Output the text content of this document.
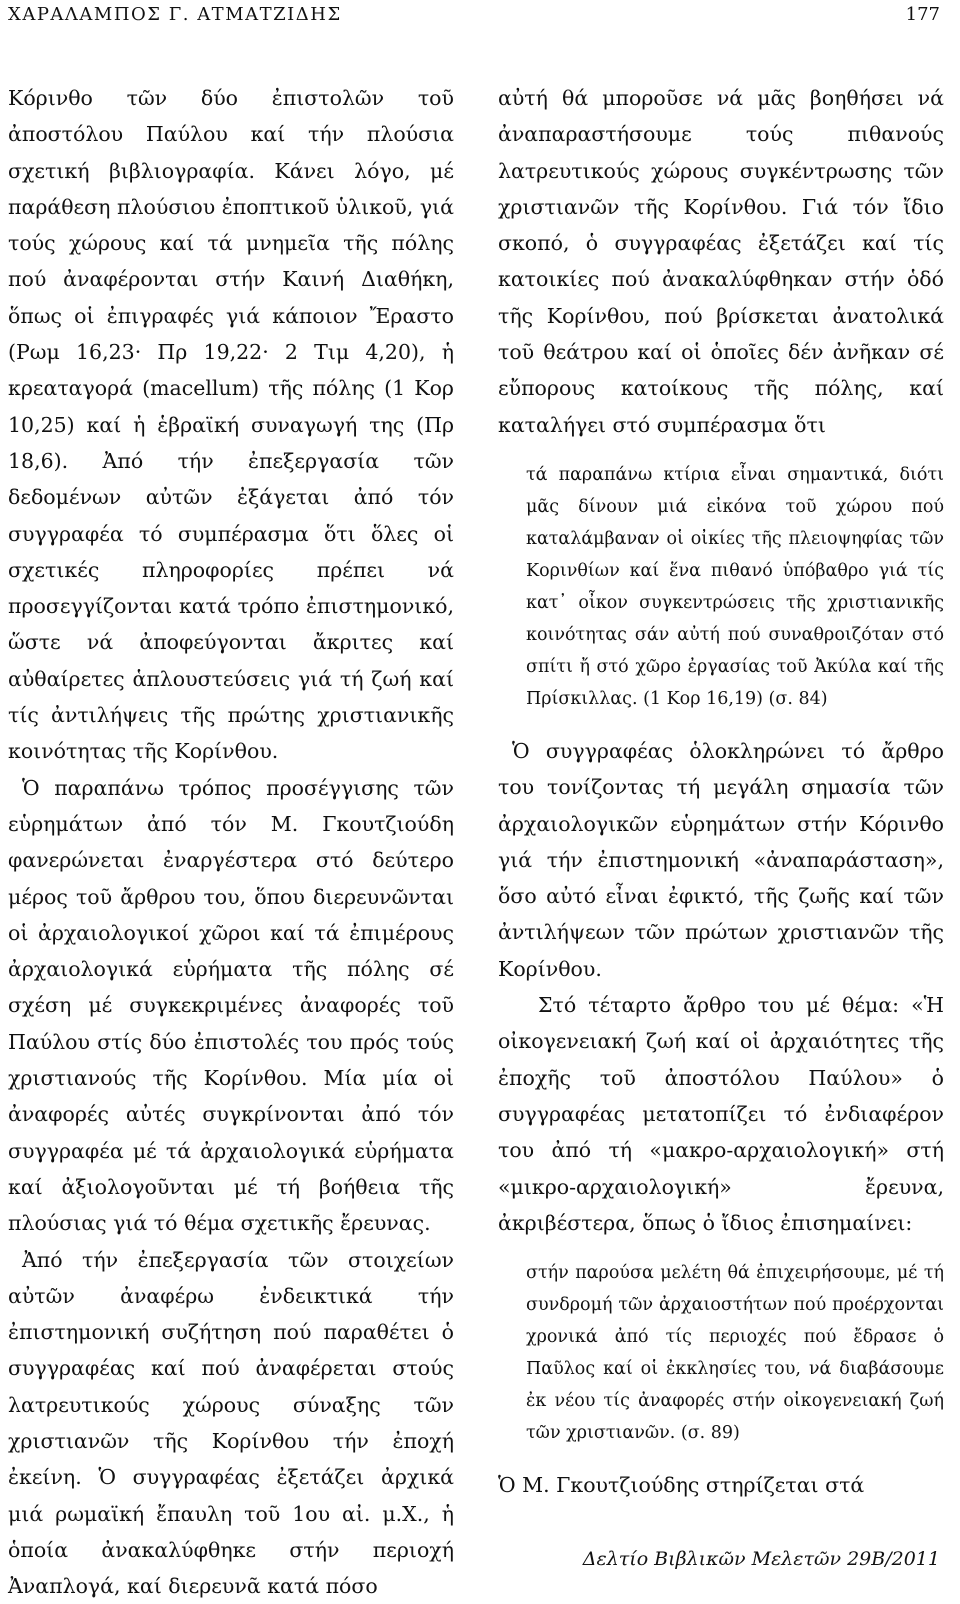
ΧΑΡΑΛΑΜΠΟΣ Γ. ΑΤΜΑΤΖΙΔΗΣ	177

Κόρινθο τῶν δύο ἐπιστολῶν τοῦ ἀποστόλου Παύλου καί τήν πλούσια σχετική βιβλιογραφία. Κάνει λόγο, μέ παράθεση πλούσιου ἐποπτικοῦ ὑλικοῦ, γιά τούς χώρους καί τά μνημεῖα τῆς πόλης πού ἀναφέρονται στήν Καινή Διαθήκη, ὅπως οἱ ἐπιγραφές γιά κάποιον Ἔραστο (Ρωμ 16,23· Πρ 19,22· 2 Τιμ 4,20), ἡ κρεαταγορά (macellum) τῆς πόλης (1 Κορ 10,25) καί ἡ ἑβραϊκή συναγωγή της (Πρ 18,6). Ἀπό τήν ἐπεξεργασία τῶν δεδομένων αὐτῶν ἐξάγεται ἀπό τόν συγγραφέα τό συμπέρασμα ὅτι ὅλες οἱ σχετικές πληροφορίες πρέπει νά προσεγγίζονται κατά τρόπο ἐπιστημονικό, ὥστε νά ἀποφεύγονται ἄκριτες καί αὐθαίρετες ἁπλουστεύσεις γιά τή ζωή καί τίς ἀντιλήψεις τῆς πρώτης χριστιανικῆς κοινότητας τῆς Κορίνθου.

Ὁ παραπάνω τρόπος προσέγγισης τῶν εὑρημάτων ἀπό τόν Μ. Γκουτζιούδη φανερώνεται ἐναργέστερα στό δεύτερο μέρος τοῦ ἄρθρου του, ὅπου διερευνῶνται οἱ ἀρχαιολογικοί χῶροι καί τά ἐπιμέρους ἀρχαιολογικά εὑρήματα τῆς πόλης σέ σχέση μέ συγκεκριμένες ἀναφορές τοῦ Παύλου στίς δύο ἐπιστολές του πρός τούς χριστιανούς τῆς Κορίνθου. Μία μία οἱ ἀναφορές αὐτές συγκρίνονται ἀπό τόν συγγραφέα μέ τά ἀρχαιολογικά εὑρήματα καί ἀξιολογοῦνται μέ τή βοήθεια τῆς πλούσιας γιά τό θέμα σχετικῆς ἔρευνας.

Ἀπό τήν ἐπεξεργασία τῶν στοιχείων αὐτῶν ἀναφέρω ἐνδεικτικά τήν ἐπιστημονική συζήτηση πού παραθέτει ὁ συγγραφέας καί πού ἀναφέρεται στούς λατρευτικούς χώρους σύναξης τῶν χριστιανῶν τῆς Κορίνθου τήν ἐποχή ἐκείνη. Ὁ συγγραφέας ἐξετάζει ἀρχικά μιά ρωμαϊκή ἔπαυλη τοῦ 1ου αἰ. μ.Χ., ἡ ὁποία ἀνακαλύφθηκε στήν περιοχή Ἀναπλογά, καί διερευνᾶ κατά πόσο

αὐτή θά μποροῦσε νά μᾶς βοηθήσει νά ἀναπαραστήσουμε τούς πιθανούς λατρευτικούς χώρους συγκέντρωσης τῶν χριστιανῶν τῆς Κορίνθου. Γιά τόν ἴδιο σκοπό, ὁ συγγραφέας ἐξετάζει καί τίς κατοικίες πού ἀνακαλύφθηκαν στήν ὁδό τῆς Κορίνθου, πού βρίσκεται ἀνατολικά τοῦ θεάτρου καί οἱ ὁποῖες δέν ἀνῆκαν σέ εὔπορους κατοίκους τῆς πόλης, καί καταλήγει στό συμπέρασμα ὅτι

τά παραπάνω κτίρια εἶναι σημαντικά, διότι μᾶς δίνουν μιά εἰκόνα τοῦ χώρου πού καταλάμβαναν οἱ οἰκίες τῆς πλειοψηφίας τῶν Κορινθίων καί ἕνα πιθανό ὑπόβαθρο γιά τίς κατ᾽ οἶκον συγκεντρώσεις τῆς χριστιανικῆς κοινότητας σάν αὐτή πού συναθροιζόταν στό σπίτι ἤ στό χῶρο ἐργασίας τοῦ Ἀκύλα καί τῆς Πρίσκιλλας. (1 Κορ 16,19) (σ. 84)

Ὁ συγγραφέας ὁλοκληρώνει τό ἄρθρο του τονίζοντας τή μεγάλη σημασία τῶν ἀρχαιολογικῶν εὑρημάτων στήν Κόρινθο γιά τήν ἐπιστημονική «ἀναπαράσταση», ὅσο αὐτό εἶναι ἐφικτό, τῆς ζωῆς καί τῶν ἀντιλήψεων τῶν πρώτων χριστιανῶν τῆς Κορίνθου.

Στό τέταρτο ἄρθρο του μέ θέμα: «Ἡ οἰκογενειακή ζωή καί οἱ ἀρχαιότητες τῆς ἐποχῆς τοῦ ἀποστόλου Παύλου» ὁ συγγραφέας μετατοπίζει τό ἐνδιαφέρον του ἀπό τή «μακρο-αρχαιολογική» στή «μικρο-αρχαιολογική» ἔρευνα, ἀκριβέστερα, ὅπως ὁ ἴδιος ἐπισημαίνει:

στήν παρούσα μελέτη θά ἐπιχειρήσουμε, μέ τή συνδρομή τῶν ἀρχαιοστήτων πού προέρχονται χρονικά ἀπό τίς περιοχές πού ἔδρασε ὁ Παῦλος καί οἱ ἐκκλησίες του, νά διαβάσουμε ἐκ νέου τίς ἀναφορές στήν οἰκογενειακή ζωή τῶν χριστιανῶν. (σ. 89)

Ὁ Μ. Γκουτζιούδης στηρίζεται στά

Δελτίο Βιβλικῶν Μελετῶν 29Β/2011
